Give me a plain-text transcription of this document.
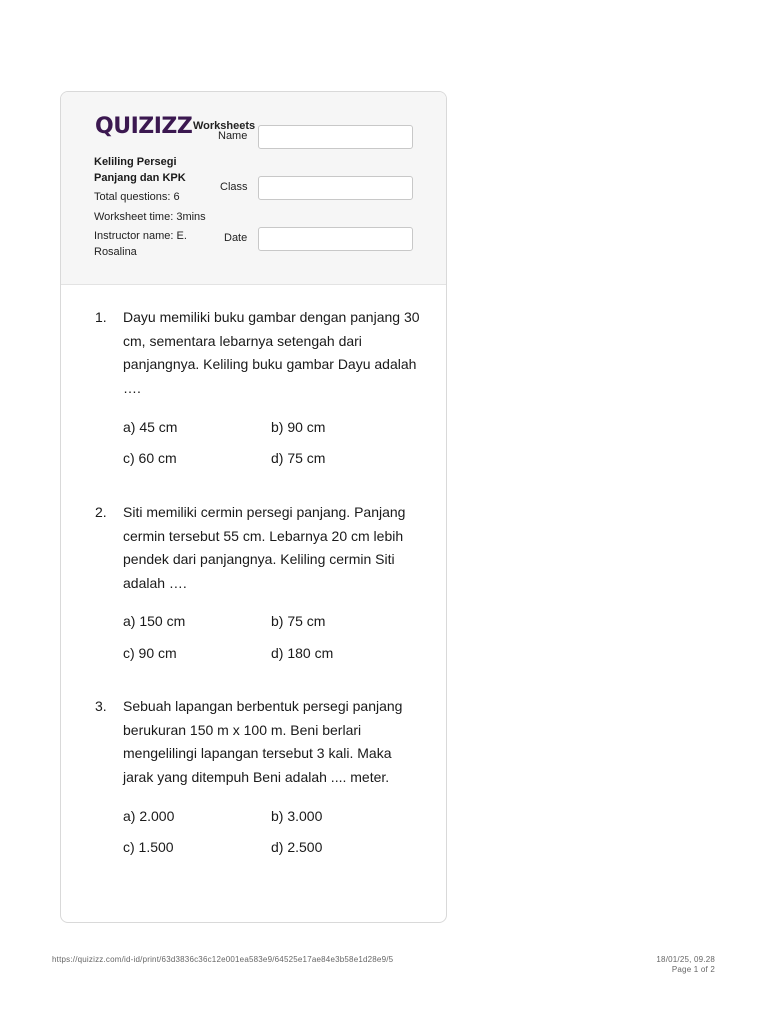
QUIZIZZ Worksheets
Keliling Persegi Panjang dan KPK
Total questions: 6
Worksheet time: 3mins
Instructor name: E. Rosalina
Name
Class
Date
1. Dayu memiliki buku gambar dengan panjang 30 cm, sementara lebarnya setengah dari panjangnya. Keliling buku gambar Dayu adalah ….
a) 45 cm	b) 90 cm
c) 60 cm	d) 75 cm
2. Siti memiliki cermin persegi panjang. Panjang cermin tersebut 55 cm. Lebarnya 20 cm lebih pendek dari panjangnya. Keliling cermin Siti adalah ….
a) 150 cm	b) 75 cm
c) 90 cm	d) 180 cm
3. Sebuah lapangan berbentuk persegi panjang berukuran 150 m x 100 m. Beni berlari mengelilingi lapangan tersebut 3 kali. Maka jarak yang ditempuh Beni adalah .... meter.
a) 2.000	b) 3.000
c) 1.500	d) 2.500
https://quizizz.com/id-id/print/63d3836c36c12e001ea583e9/64525e17ae84e3b58e1d28e9/5	18/01/25, 09.28
Page 1 of 2
